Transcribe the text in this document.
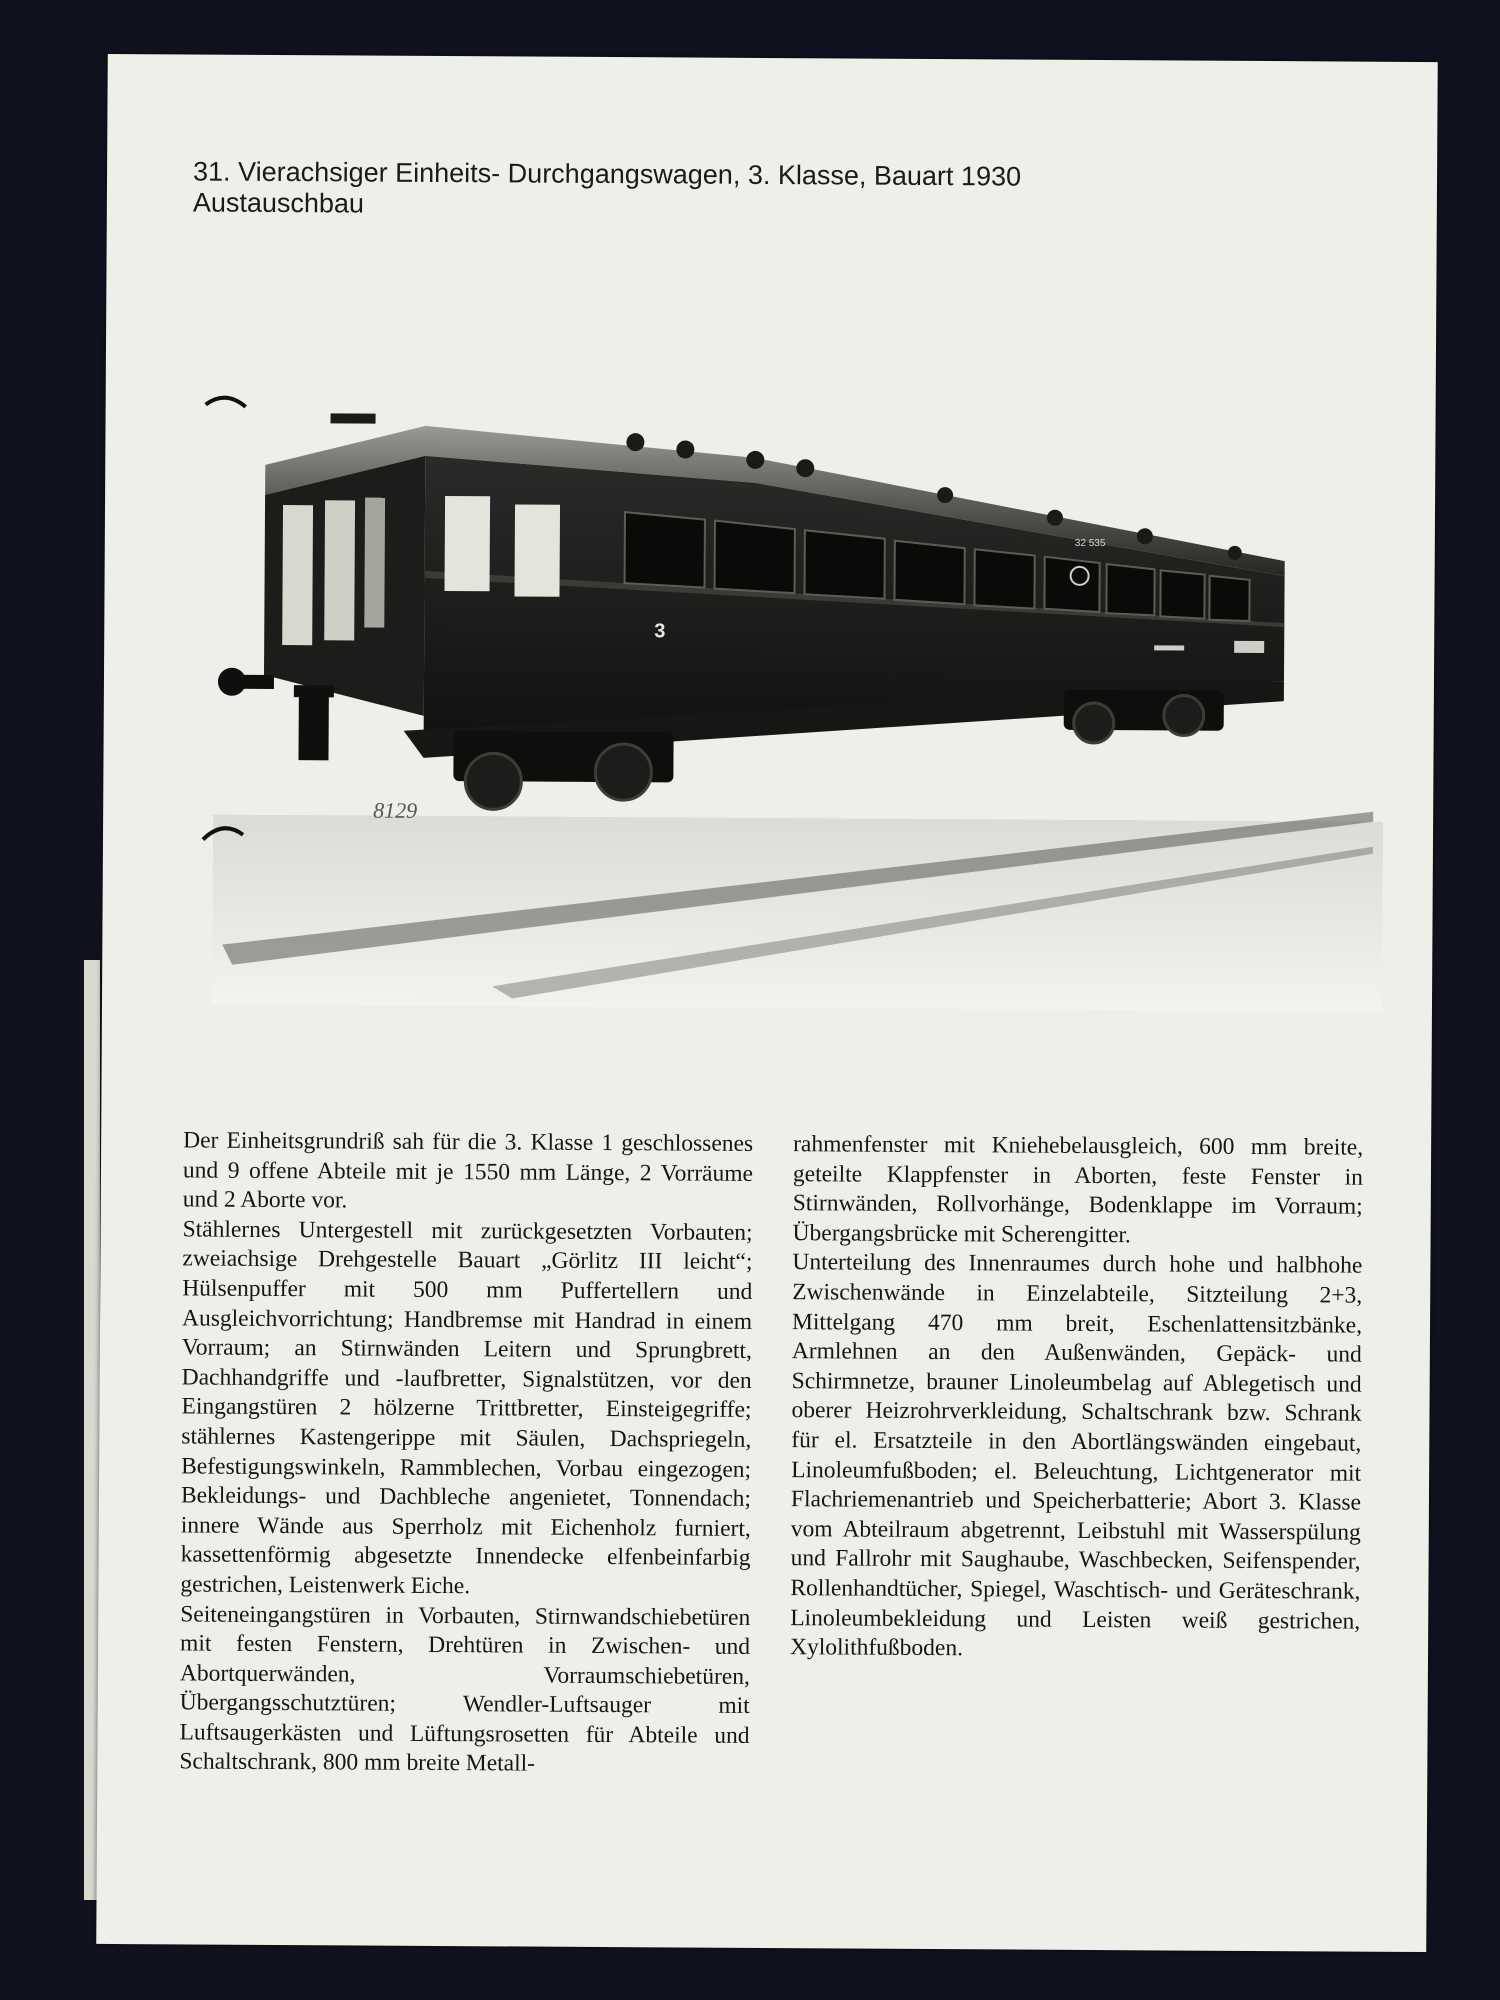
31. Vierachsiger Einheits- Durchgangswagen, 3. Klasse, Bauart 1930
Austauschbau
3
32 535
8129

Der Einheitsgrundriß sah für die 3. Klasse 1 geschlossenes und 9 offene Abteile mit je 1550 mm Länge, 2 Vorräume und 2 Aborte vor.

Stählernes Untergestell mit zurückgesetzten Vorbauten; zweiachsige Drehgestelle Bauart „Görlitz III leicht“; Hülsenpuffer mit 500 mm Puffertellern und Ausgleichvorrichtung; Handbremse mit Handrad in einem Vorraum; an Stirnwänden Leitern und Sprungbrett, Dachhandgriffe und -laufbretter, Signalstützen, vor den Eingangstüren 2 hölzerne Trittbretter, Einsteigegriffe; stählernes Kastengerippe mit Säulen, Dachspriegeln, Befestigungswinkeln, Rammblechen, Vorbau eingezogen; Bekleidungs- und Dachbleche angenietet, Tonnendach; innere Wände aus Sperrholz mit Eichenholz furniert, kassettenförmig abgesetzte Innendecke elfenbeinfarbig gestrichen, Leistenwerk Eiche.

Seiteneingangstüren in Vorbauten, Stirnwandschiebetüren mit festen Fenstern, Drehtüren in Zwischen- und Abortquerwänden, Vorraumschiebetüren, Übergangsschutztüren; Wendler-Luftsauger mit Luftsaugerkästen und Lüftungsrosetten für Abteile und Schaltschrank, 800 mm breite Metall-

rahmenfenster mit Kniehebelausgleich, 600 mm breite, geteilte Klappfenster in Aborten, feste Fenster in Stirnwänden, Rollvorhänge, Bodenklappe im Vorraum; Übergangsbrücke mit Scherengitter.

Unterteilung des Innenraumes durch hohe und halbhohe Zwischenwände in Einzelabteile, Sitzteilung 2+3, Mittelgang 470 mm breit, Eschenlattensitzbänke, Armlehnen an den Außenwänden, Gepäck- und Schirmnetze, brauner Linoleumbelag auf Ablegetisch und oberer Heizrohrverkleidung, Schaltschrank bzw. Schrank für el. Ersatzteile in den Abortlängswänden eingebaut, Linoleumfußboden; el. Beleuchtung, Lichtgenerator mit Flachriemenantrieb und Speicherbatterie; Abort 3. Klasse vom Abteilraum abgetrennt, Leibstuhl mit Wasserspülung und Fallrohr mit Saughaube, Waschbecken, Seifenspender, Rollenhandtücher, Spiegel, Waschtisch- und Geräteschrank, Linoleumbekleidung und Leisten weiß gestrichen, Xylolithfußboden.
